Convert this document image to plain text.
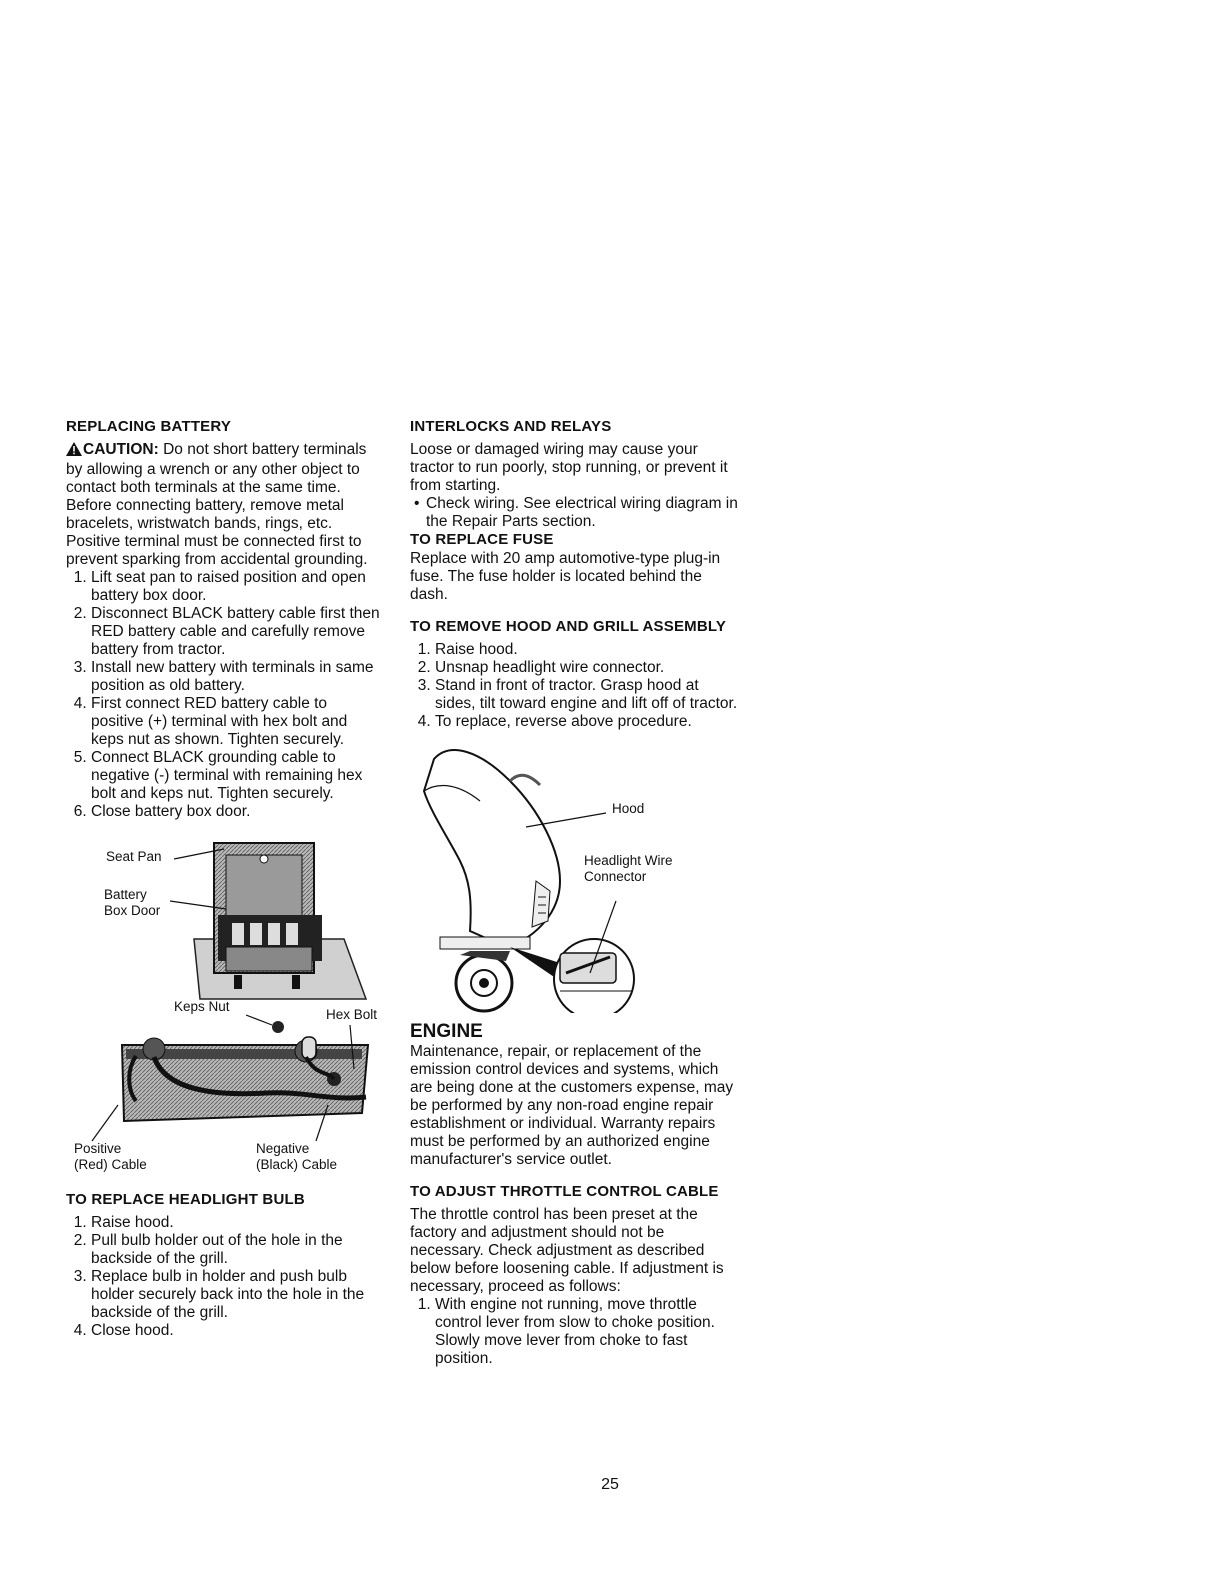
REPLACING BATTERY

CAUTION: Do not short battery terminals by allowing a wrench or any other object to contact both terminals at the same time. Before connecting battery, remove metal bracelets, wristwatch bands, rings, etc.

Positive terminal must be connected first to prevent sparking from accidental grounding.

1. Lift seat pan to raised position and open battery box door.
2. Disconnect BLACK battery cable first then RED battery cable and carefully remove battery from tractor.
3. Install new battery with terminals in same position as old battery.
4. First connect RED battery cable to positive (+) terminal with hex bolt and keps nut as shown. Tighten securely.
5. Connect BLACK grounding cable to negative (-) terminal with remaining hex bolt and keps nut. Tighten securely.
6. Close battery box door.
Seat Pan
Battery
Box Door
Keps Nut
Hex Bolt
Positive
(Red) Cable
Negative
(Black) Cable
TO REPLACE HEADLIGHT BULB
1. Raise hood.
2. Pull bulb holder out of the hole in the backside of the grill.
3. Replace bulb in holder and push bulb holder securely back into the hole in the backside of the grill.
4. Close hood.
INTERLOCKS AND RELAYS

Loose or damaged wiring may cause your tractor to run poorly, stop running, or prevent it from starting.

• Check wiring. See electrical wiring diagram in the Repair Parts section.
TO REPLACE FUSE

Replace with 20 amp automotive-type plug-in fuse. The fuse holder is located behind the dash.

TO REMOVE HOOD AND GRILL ASSEMBLY
1. Raise hood.
2. Unsnap headlight wire connector.
3. Stand in front of tractor. Grasp hood at sides, tilt toward engine and lift off of tractor.
4. To replace, reverse above procedure.
Hood
Headlight Wire
Connector
ENGINE

Maintenance, repair, or replacement of the emission control devices and systems, which are being done at the customers expense, may be performed by any non-road engine repair establishment or individual. Warranty repairs must be performed by an authorized engine manufacturer's service outlet.

TO ADJUST THROTTLE CONTROL CABLE

The throttle control has been preset at the factory and adjustment should not be necessary. Check adjustment as described below before loosening cable. If adjustment is necessary, proceed as follows:

1. With engine not running, move throttle control lever from slow to choke position. Slowly move lever from choke to fast position.
25
